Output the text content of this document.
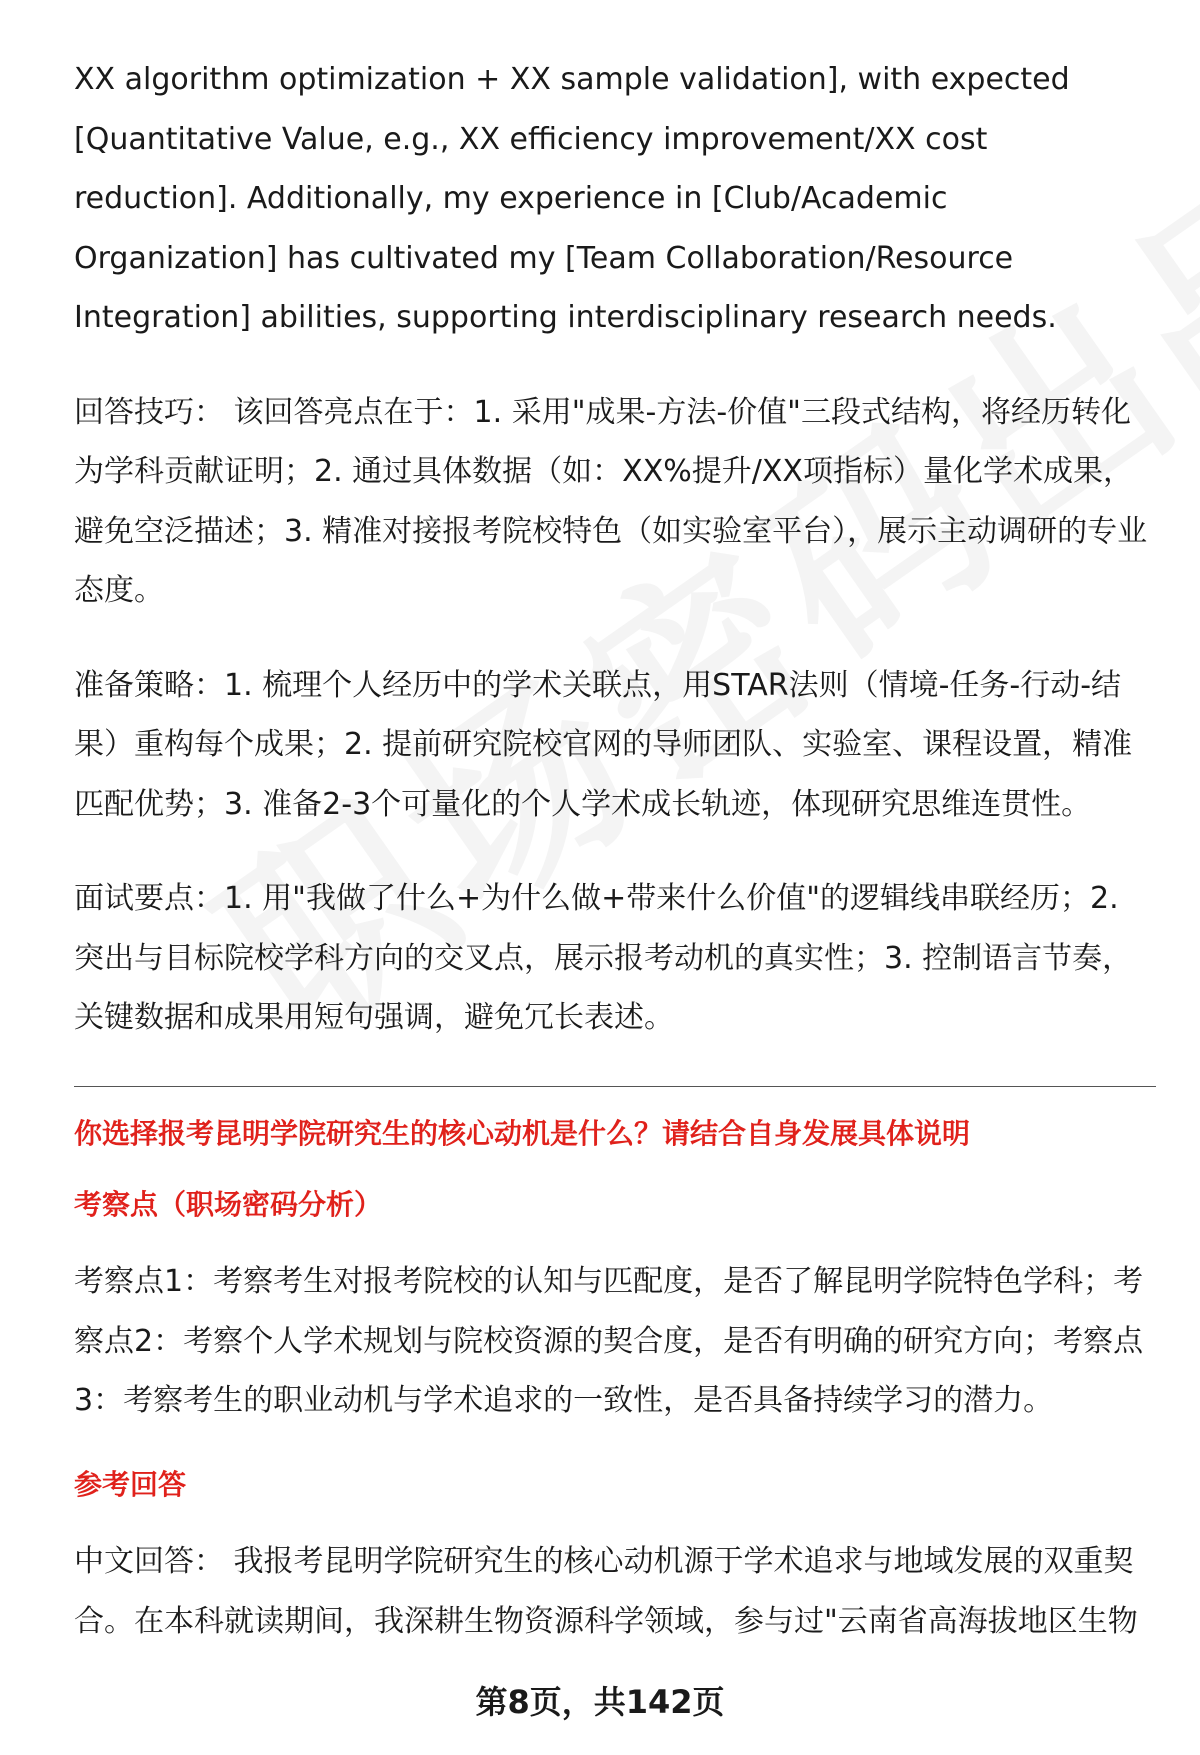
XX algorithm optimization + XX sample validation], with expected [Quantitative Value, e.g., XX efficiency improvement/XX cost reduction]. Additionally, my experience in [Club/Academic Organization] has cultivated my [Team Collaboration/Resource Integration] abilities, supporting interdisciplinary research needs.

回答技巧： 该回答亮点在于：1. 采用"成果-方法-价值"三段式结构，将经历转化为学科贡献证明；2. 通过具体数据（如：XX%提升/XX项指标）量化学术成果，避免空泛描述；3. 精准对接报考院校特色（如实验室平台），展示主动调研的专业态度。

准备策略：1. 梳理个人经历中的学术关联点，用STAR法则（情境-任务-行动-结果）重构每个成果；2. 提前研究院校官网的导师团队、实验室、课程设置，精准匹配优势；3. 准备2-3个可量化的个人学术成长轨迹，体现研究思维连贯性。

面试要点：1. 用"我做了什么+为什么做+带来什么价值"的逻辑线串联经历；2. 突出与目标院校学科方向的交叉点，展示报考动机的真实性；3. 控制语言节奏，关键数据和成果用短句强调，避免冗长表述。

你选择报考昆明学院研究生的核心动机是什么？请结合自身发展具体说明
考察点（职场密码分析）
考察点1：考察考生对报考院校的认知与匹配度，是否了解昆明学院特色学科；考察点2：考察个人学术规划与院校资源的契合度，是否有明确的研究方向；考察点3：考察考生的职业动机与学术追求的一致性，是否具备持续学习的潜力。
参考回答
中文回答： 我报考昆明学院研究生的核心动机源于学术追求与地域发展的双重契合。在本科就读期间，我深耕生物资源科学领域，参与过"云南省高海拔地区生物
第8页，共142页
